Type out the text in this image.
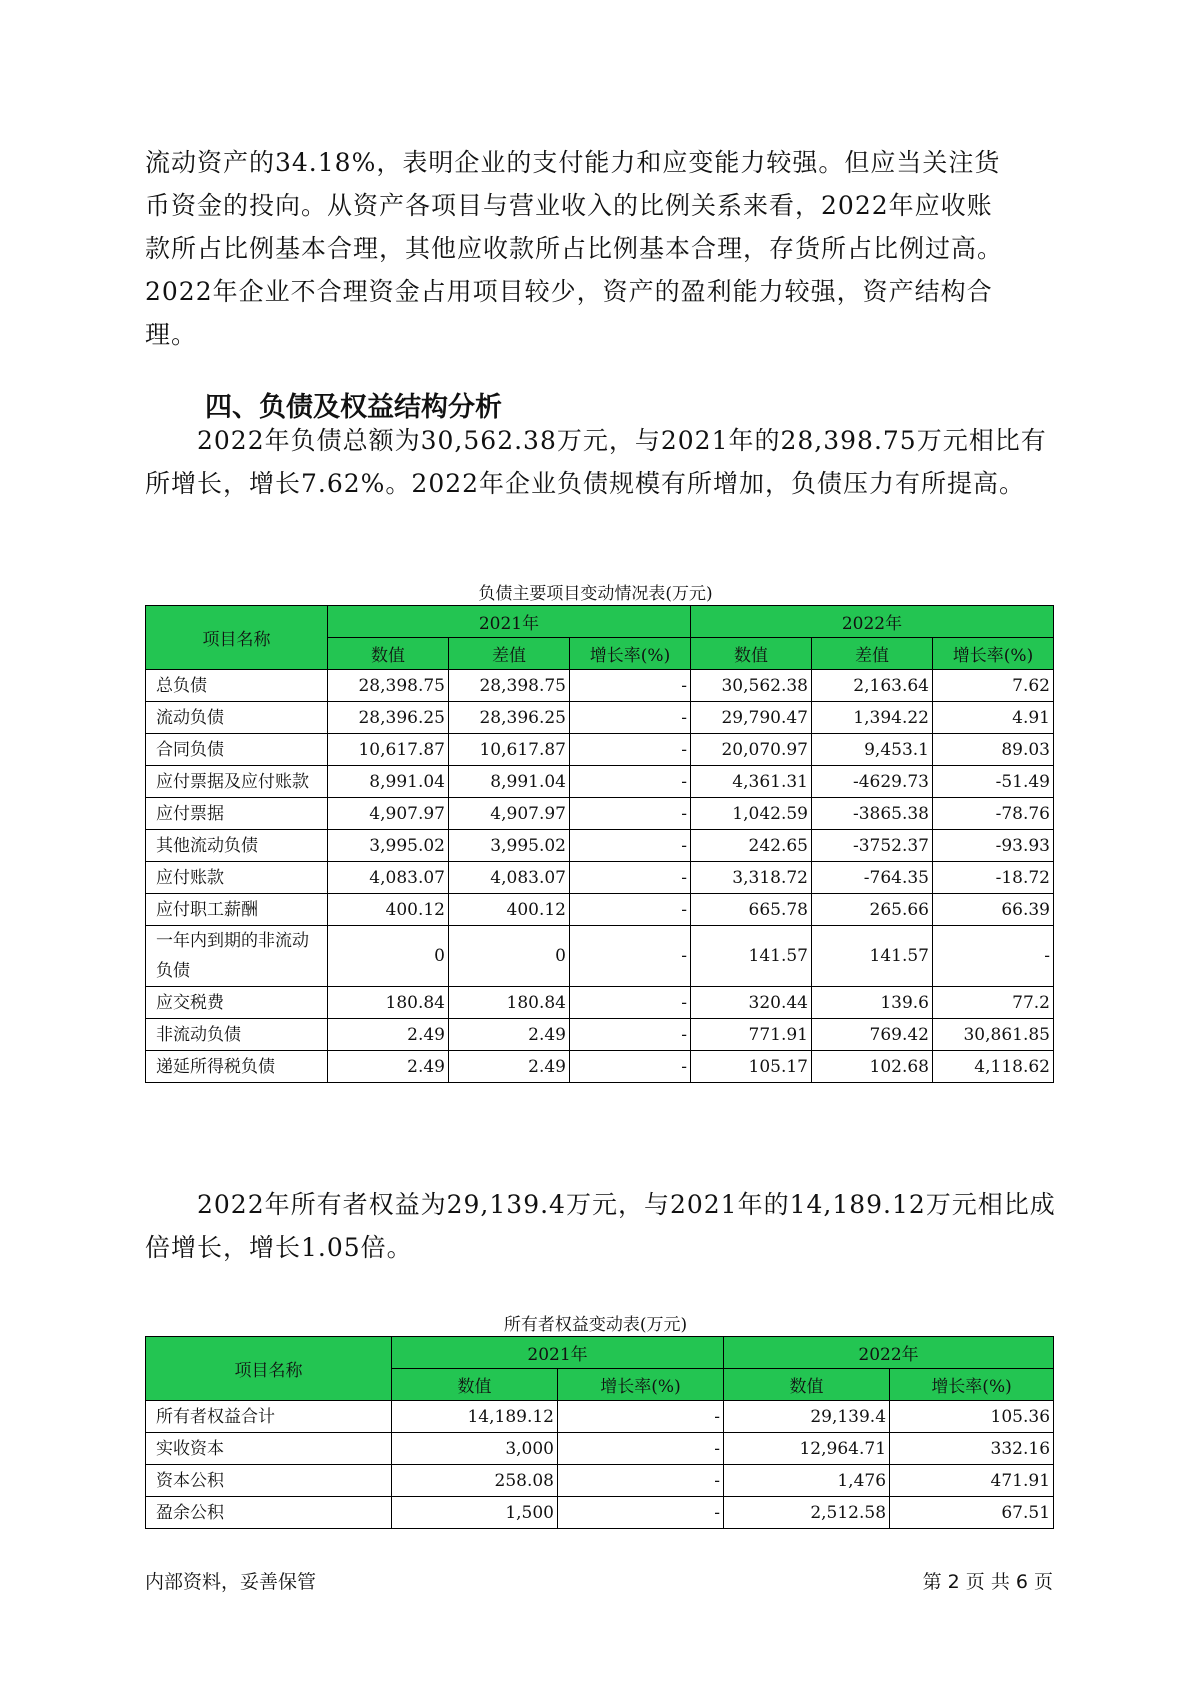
流动资产的34.18%，表明企业的支付能力和应变能力较强。但应当关注货
币资金的投向。从资产各项目与营业收入的比例关系来看，2022年应收账
款所占比例基本合理，其他应收款所占比例基本合理，存货所占比例过高。
2022年企业不合理资金占用项目较少，资产的盈利能力较强，资产结构合
理。
四、负债及权益结构分析
2022年负债总额为30,562.38万元，与2021年的28,398.75万元相比有
所增长，增长7.62%。2022年企业负债规模有所增加，负债压力有所提高。
负债主要项目变动情况表(万元)
项目名称	2021年			2022年		
	数值	差值	增长率(%)	数值	差值	增长率(%)
总负债	28,398.75	28,398.75	-	30,562.38	2,163.64	7.62
流动负债	28,396.25	28,396.25	-	29,790.47	1,394.22	4.91
合同负债	10,617.87	10,617.87	-	20,070.97	9,453.1	89.03
应付票据及应付账款	8,991.04	8,991.04	-	4,361.31	-4629.73	-51.49
应付票据	4,907.97	4,907.97	-	1,042.59	-3865.38	-78.76
其他流动负债	3,995.02	3,995.02	-	242.65	-3752.37	-93.93
应付账款	4,083.07	4,083.07	-	3,318.72	-764.35	-18.72
应付职工薪酬	400.12	400.12	-	665.78	265.66	66.39
一年内到期的非流动负债	0	0	-	141.57	141.57	-
应交税费	180.84	180.84	-	320.44	139.6	77.2
非流动负债	2.49	2.49	-	771.91	769.42	30,861.85
递延所得税负债	2.49	2.49	-	105.17	102.68	4,118.62
2022年所有者权益为29,139.4万元，与2021年的14,189.12万元相比成
倍增长，增长1.05倍。
所有者权益变动表(万元)
项目名称	2021年		2022年	
	数值	增长率(%)	数值	增长率(%)
所有者权益合计	14,189.12	-	29,139.4	105.36
实收资本	3,000	-	12,964.71	332.16
资本公积	258.08	-	1,476	471.91
盈余公积	1,500	-	2,512.58	67.51
内部资料，妥善保管	第 2 页 共 6 页
